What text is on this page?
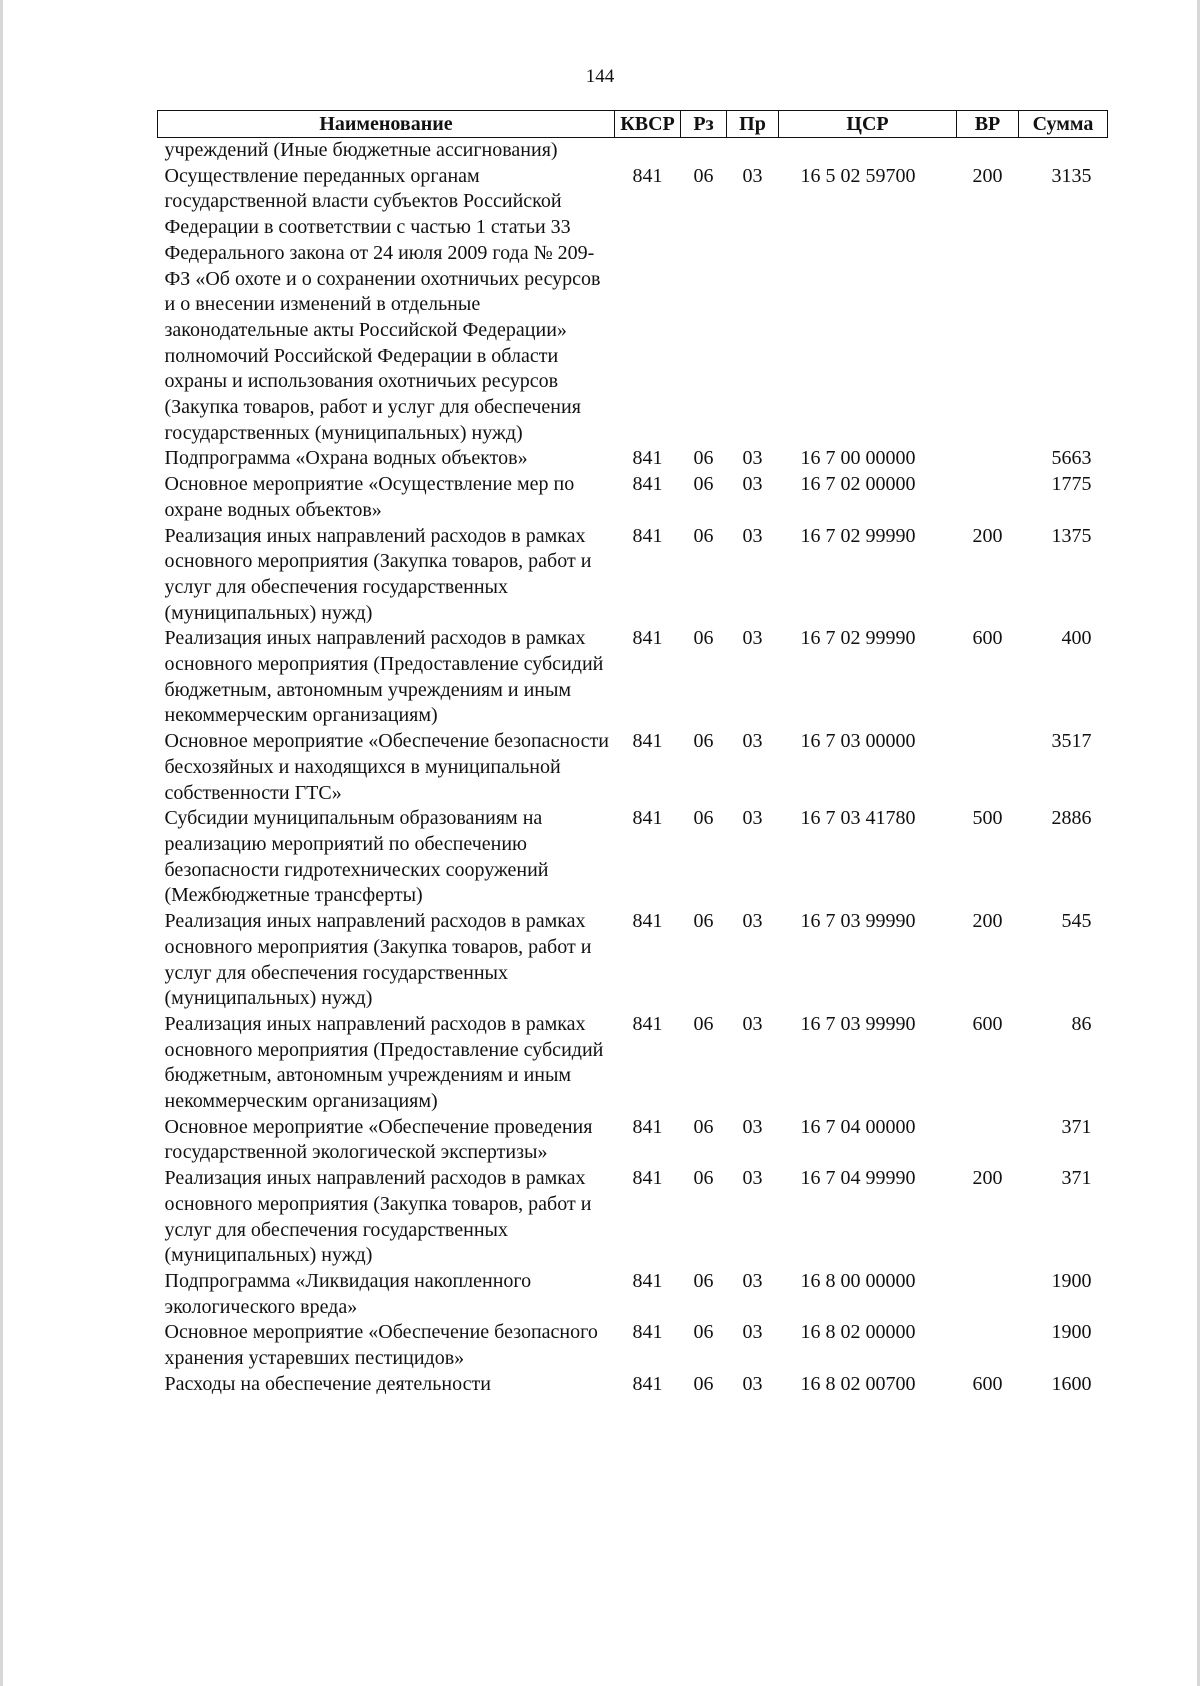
144
Наименование	КВСР	Рз	Пр	ЦСР	ВР	Сумма
учреждений (Иные бюджетные ассигнования)						
Осуществление переданных органам государственной власти субъектов Российской Федерации в соответствии с частью 1 статьи 33 Федерального закона от 24 июля 2009 года № 209-ФЗ «Об охоте и о сохранении охотничьих ресурсов и о внесении изменений в отдельные законодательные акты Российской Федерации» полномочий Российской Федерации в области охраны и использования охотничьих ресурсов (Закупка товаров, работ и услуг для обеспечения государственных (муниципальных) нужд)	841	06	03	16 5 02 59700	200	3135
Подпрограмма «Охрана водных объектов»	841	06	03	16 7 00 00000		5663
Основное мероприятие «Осуществление мер по охране водных объектов»	841	06	03	16 7 02 00000		1775
Реализация иных направлений расходов в рамках основного мероприятия (Закупка товаров, работ и услуг для обеспечения государственных (муниципальных) нужд)	841	06	03	16 7 02 99990	200	1375
Реализация иных направлений расходов в рамках основного мероприятия (Предоставление субсидий бюджетным, автономным учреждениям и иным некоммерческим организациям)	841	06	03	16 7 02 99990	600	400
Основное мероприятие «Обеспечение безопасности бесхозяйных и находящихся в муниципальной собственности ГТС»	841	06	03	16 7 03 00000		3517
Субсидии муниципальным образованиям на реализацию мероприятий по обеспечению безопасности гидротехнических сооружений (Межбюджетные трансферты)	841	06	03	16 7 03 41780	500	2886
Реализация иных направлений расходов в рамках основного мероприятия (Закупка товаров, работ и услуг для обеспечения государственных (муниципальных) нужд)	841	06	03	16 7 03 99990	200	545
Реализация иных направлений расходов в рамках основного мероприятия (Предоставление субсидий бюджетным, автономным учреждениям и иным некоммерческим организациям)	841	06	03	16 7 03 99990	600	86
Основное мероприятие «Обеспечение проведения государственной экологической экспертизы»	841	06	03	16 7 04 00000		371
Реализация иных направлений расходов в рамках основного мероприятия (Закупка товаров, работ и услуг для обеспечения государственных (муниципальных) нужд)	841	06	03	16 7 04 99990	200	371
Подпрограмма «Ликвидация накопленного экологического вреда»	841	06	03	16 8 00 00000		1900
Основное мероприятие «Обеспечение безопасного хранения устаревших пестицидов»	841	06	03	16 8 02 00000		1900
Расходы на обеспечение деятельности	841	06	03	16 8 02 00700	600	1600
